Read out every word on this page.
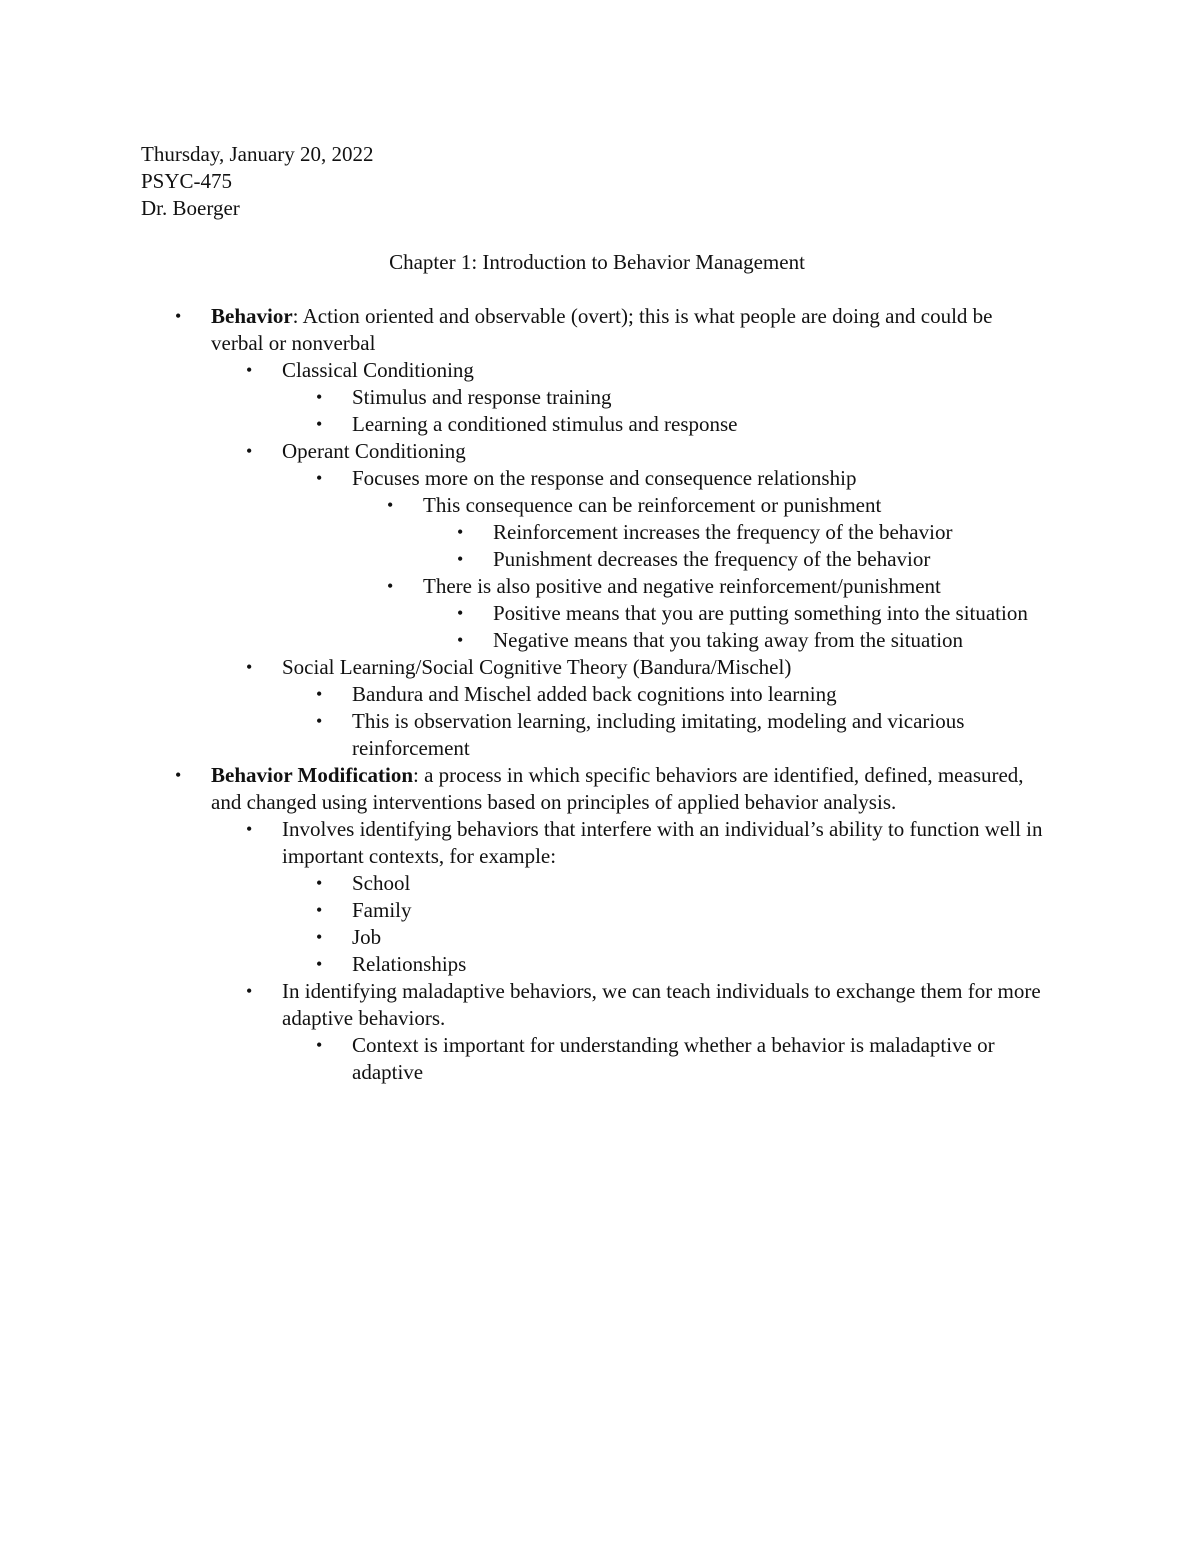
Thursday, January 20, 2022
PSYC-475
Dr. Boerger
Chapter 1: Introduction to Behavior Management
• Behavior: Action oriented and observable (overt); this is what people are doing and could be verbal or nonverbal
• Classical Conditioning
• Stimulus and response training
• Learning a conditioned stimulus and response
• Operant Conditioning
• Focuses more on the response and consequence relationship
• This consequence can be reinforcement or punishment
• Reinforcement increases the frequency of the behavior
• Punishment decreases the frequency of the behavior
• There is also positive and negative reinforcement/punishment
• Positive means that you are putting something into the situation
• Negative means that you taking away from the situation
• Social Learning/Social Cognitive Theory (Bandura/Mischel)
• Bandura and Mischel added back cognitions into learning
• This is observation learning, including imitating, modeling and vicarious reinforcement
• Behavior Modification: a process in which specific behaviors are identified, defined, measured, and changed using interventions based on principles of applied behavior analysis.
• Involves identifying behaviors that interfere with an individual’s ability to function well in important contexts, for example:
• School
• Family
• Job
• Relationships
• In identifying maladaptive behaviors, we can teach individuals to exchange them for more adaptive behaviors.
• Context is important for understanding whether a behavior is maladaptive or adaptive
